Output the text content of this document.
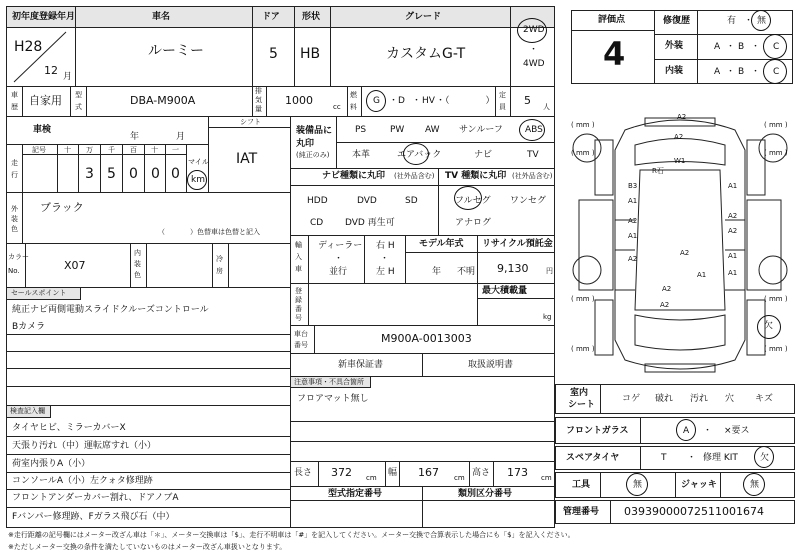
初年度登録年月	車名	ドア 形状	グレード
H28
12 月
ルーミー	5 HB	カスタムG-T
2WD
・
4WD
車
歴 自家用 型
式	DBA-M900A
排
気
量
1000	cc
燃
料
G ・ D ・ HV ・（　　　　）
定
員 5 人
車検
年	月
シフト
IAT
走
行
記号	十 万 千 百 十 一
3 5 0 0 0
マイル
km
外
装
色
ブラック
（	）色替車は色替と記入
カラー
No.	X07
内
装
色
冷
房
セールスポイント
純正ナビ両側電動スライドクルーズコントロール
Bカメラ
検査記入欄
タイヤヒビ、ミラーカバーX
天張り汚れ（中）運転席すれ（小）
荷室内張りA（小）
コンソールA（小）左クォタ修理跡
フロントアンダーカバー割れ、ドアノブA
Fバンパー修理跡、Fガラス飛び石（中）
装備品に
丸印
(純正のみ)
PS	PW AW サンルーフ ABS
本革	エアバック	ナビ	TV
ナビ種類に丸印 (社外品含む)
HDD	DVD	SD
CD DVD 再生可
TV 種類に丸印 (社外品含む)
フルセグ ワンセグ
アナログ
輸
入
車
ディーラー
・
並行
右 H
・
左 H
モデル年式
年 不明
リサイクル預託金
9,130	円
登
録
番
号
最大積載量
kg
車台
番号	M900A-0013003
新車保証書	取扱説明書
注意事項・不具合箇所
フロアマット無し
長さ 372 cm 幅 167 cm 高さ 173 cm
型式指定番号	類別区分番号
評価点
4
修復歴	有 ・ 無
外装	A ・ B ・ C
内装	A ・ B ・ C
A2
A2
W1
R石
B3	A1
A1
A2
A2
A1
A2
A2	A1
A2
A2
A1
A2
A1
欠
( mm )	( mm )
( mm )	( mm )
( mm )	( mm )
( mm )	( mm )
室内
シート
コゲ 破れ 汚れ 穴 キズ
フロントガラス	A ・ ×要ス
スペアタイヤ	T ・ 修理 KIT 欠
工具	無	ジャッキ	無
管理番号 03939000072511001674
※走行距離の記号欄にはメーター改ざん車は「＊」、メーター交換車は「$」、走行不明車は「#」を記入してください。メーター交換で合算表示した場合にも「$」を記入ください。
※ただしメーター交換の条件を満たしていないものはメーター改ざん車扱いとなります。
